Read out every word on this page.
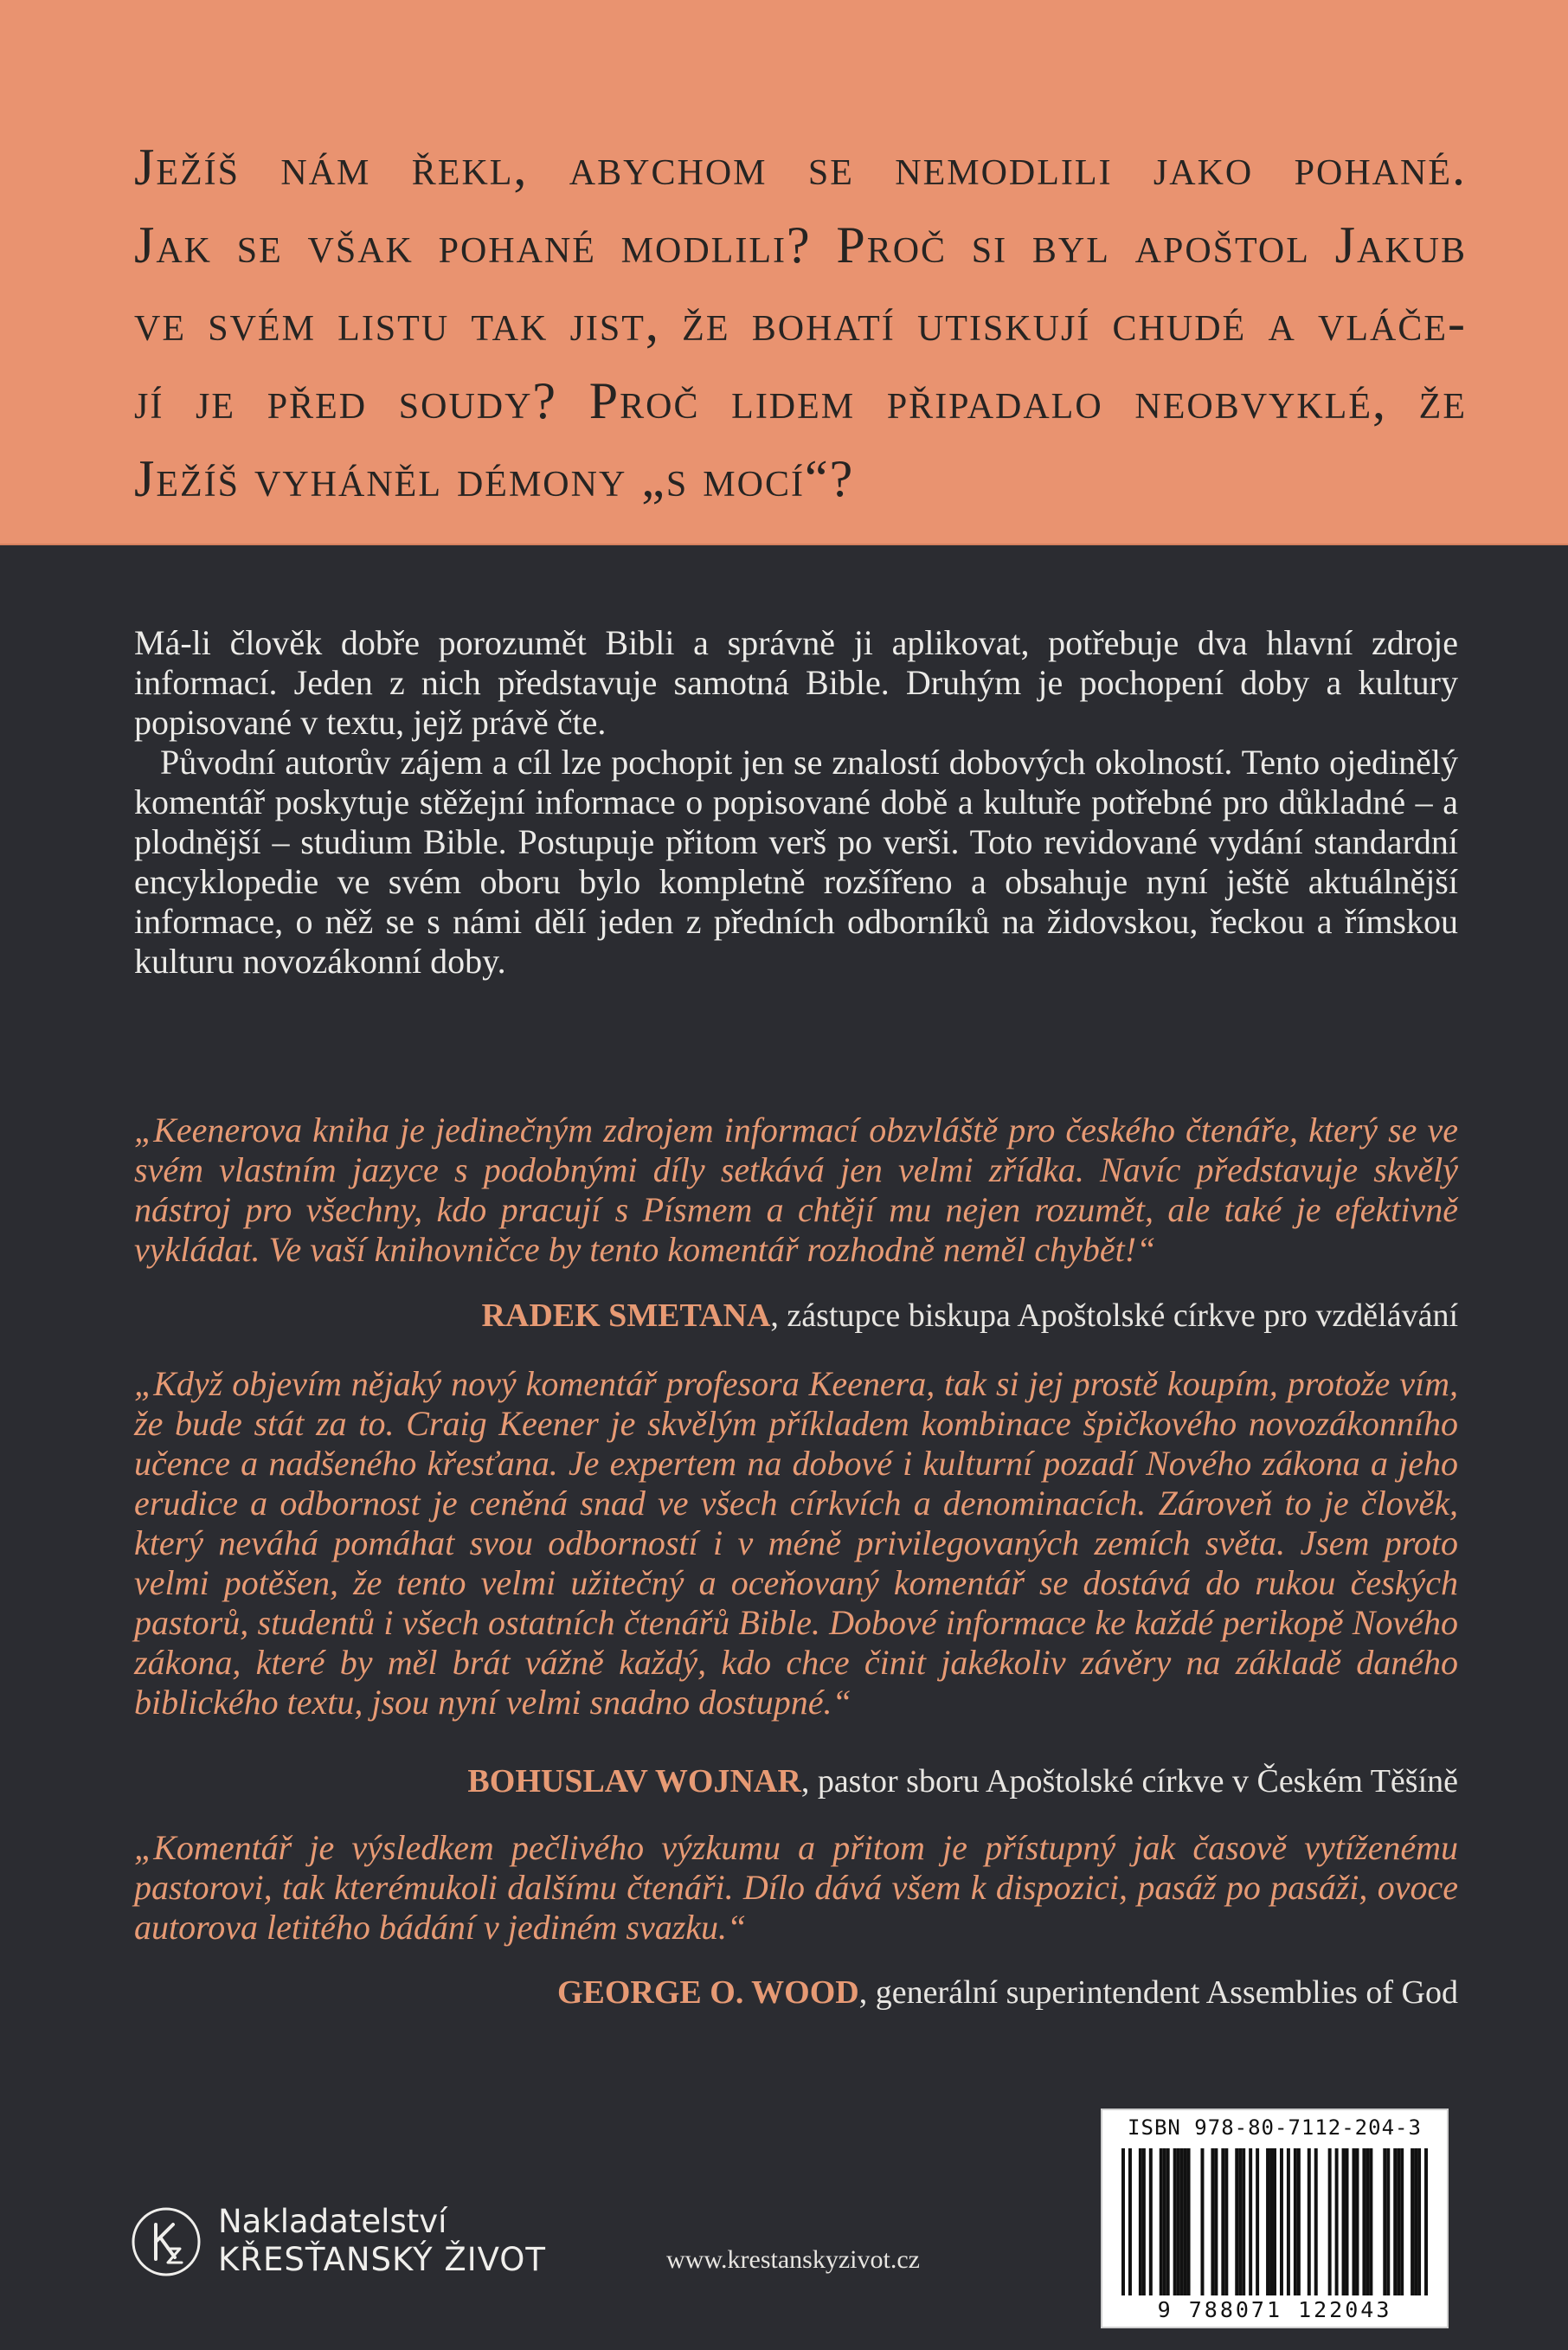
Ježíš nám řekl, abychom se nemodlili jako pohané.
Jak se však pohané modlili? Proč si byl apoštol Jakub
ve svém listu tak jist, že bohatí utiskují chudé a vláče-
jí je před soudy? Proč lidem připadalo neobvyklé, že
Ježíš vyháněl démony „s mocí“?

Má-li člověk dobře porozumět Bibli a správně ji aplikovat, potřebuje dva hlavní zdroje informací. Jeden z nich představuje samotná Bible. Druhým je pochopení doby a kultury popisované v textu, jejž právě čte.

Původní autorův zájem a cíl lze pochopit jen se znalostí dobových okolností. Tento ojedinělý komentář poskytuje stěžejní informace o popisované době a kultuře potřebné pro důkladné – a plodnější – studium Bible. Postupuje přitom verš po verši. Toto revidované vydání standardní encyklopedie ve svém oboru bylo kompletně rozšířeno a obsahuje nyní ještě aktuálnější informace, o něž se s námi dělí jeden z předních odborníků na židovskou, řeckou a římskou kulturu novozákonní doby.

„Keenerova kniha je jedinečným zdrojem informací obzvláště pro českého čtenáře, který se ve svém vlastním jazyce s podobnými díly setkává jen velmi zřídka. Navíc představuje skvělý nástroj pro všechny, kdo pracují s Písmem a chtějí mu nejen rozumět, ale také je efektivně vykládat. Ve vaší knihovničce by tento komentář rozhodně neměl chybět!“
RADEK SMETANA, zástupce biskupa Apoštolské církve pro vzdělávání
„Když objevím nějaký nový komentář profesora Keenera, tak si jej prostě koupím, protože vím, že bude stát za to. Craig Keener je skvělým příkladem kombinace špičkového novozákonního učence a nadšeného křesťana. Je expertem na dobové i kulturní pozadí Nového zákona a jeho erudice a odbornost je ceněná snad ve všech církvích a denominacích. Zároveň to je člověk, který neváhá pomáhat svou odborností i v méně privilegovaných zemích světa. Jsem proto velmi potěšen, že tento velmi užitečný a oceňovaný komentář se dostává do rukou českých pastorů, studentů i všech ostatních čtenářů Bible. Dobové informace ke každé perikopě Nového zákona, které by měl brát vážně každý, kdo chce činit jakékoliv závěry na základě daného biblického textu, jsou nyní velmi snadno dostupné.“
BOHUSLAV WOJNAR, pastor sboru Apoštolské církve v Českém Těšíně
„Komentář je výsledkem pečlivého výzkumu a přitom je přístupný jak časově vytíženému pastorovi, tak kterémukoli dalšímu čtenáři. Dílo dává všem k dispozici, pasáž po pasáži, ovoce autorova letitého bádání v jediném svazku.“
GEORGE O. WOOD, generální superintendent Assemblies of God
ISBN 978-80-7112-204-3
9 788071 122043
Nakladatelství
KŘESŤANSKÝ ŽIVOT	www.krestanskyzivot.cz
